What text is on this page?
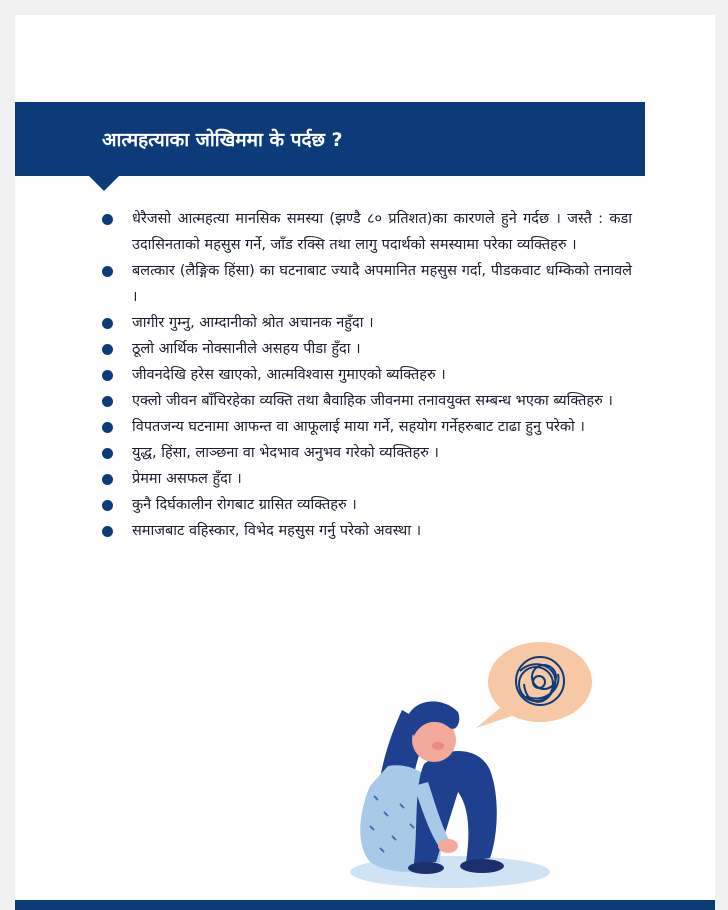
आत्महत्याका जोखिममा के पर्दछ ?
धेरैजसो आत्महत्या मानसिक समस्या (झण्डै ८० प्रतिशत)का कारणले हुने गर्दछ । जस्तै : कडा उदासिनताको महसुस गर्ने, जाँड रक्सि तथा लागु पदार्थको समस्यामा परेका व्यक्तिहरु ।
बलत्कार (लैङ्गिक हिंसा) का घटनाबाट ज्यादै अपमानित महसुस गर्दा, पीडकवाट धम्किको तनावले ।
जागीर गुम्नु, आम्दानीको श्रोत अचानक नहुँदा ।
ठूलो आर्थिक नोक्सानीले असहय पीडा हुँदा ।
जीवनदेखि हरेस खाएको, आत्मविश्वास गुमाएको ब्यक्तिहरु ।
एक्लो जीवन बाँचिरहेका व्यक्ति तथा बैवाहिक जीवनमा तनावयुक्त सम्बन्ध भएका ब्यक्तिहरु ।
विपतजन्य घटनामा आफन्त वा आफूलाई माया गर्ने, सहयोग गर्नेहरुबाट टाढा हुनु परेको ।
युद्ध, हिंसा, लाञ्छना वा भेदभाव अनुभव गरेको व्यक्तिहरु ।
प्रेममा असफल हुँदा ।
कुनै दिर्घकालीन रोगबाट ग्रासित व्यक्तिहरु ।
समाजबाट वहिस्कार, विभेद महसुस गर्नु परेको अवस्था ।
